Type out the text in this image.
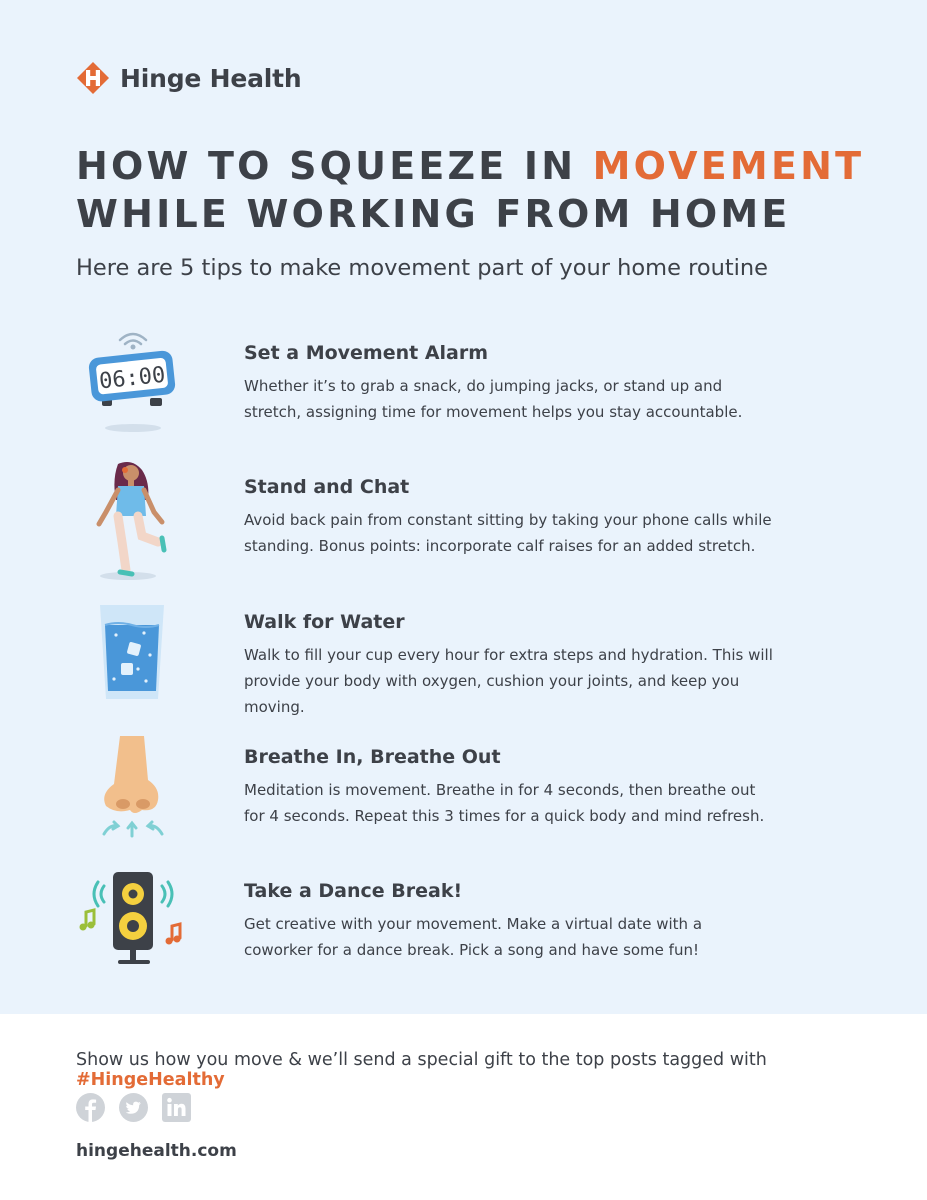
Hinge Health
HOW TO SQUEEZE IN MOVEMENT
WHILE WORKING FROM HOME
Here are 5 tips to make movement part of your home routine
06:00
Set a Movement Alarm
Whether it’s to grab a snack, do jumping jacks, or stand up and
stretch, assigning time for movement helps you stay accountable.
Stand and Chat
Avoid back pain from constant sitting by taking your phone calls while
standing. Bonus points: incorporate calf raises for an added stretch.
Walk for Water
Walk to fill your cup every hour for extra steps and hydration. This will
provide your body with oxygen, cushion your joints, and keep you moving.
Breathe In, Breathe Out
Meditation is movement. Breathe in for 4 seconds, then breathe out
for 4 seconds. Repeat this 3 times for a quick body and mind refresh.
Take a Dance Break!
Get creative with your movement. Make a virtual date with a
coworker for a dance break. Pick a song and have some fun!
Show us how you move & we’ll send a special gift to the top posts tagged with #HingeHealthy
hingehealth.com
